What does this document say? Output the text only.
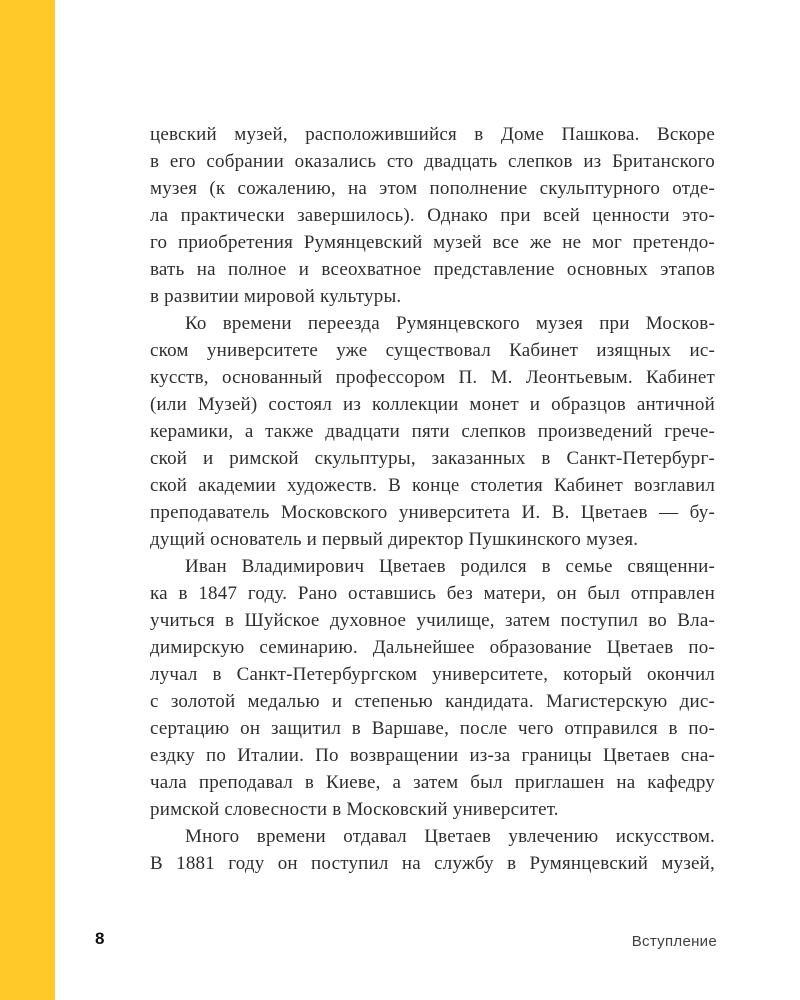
цевский музей, расположившийся в Доме Пашкова. Вскоре
в его собрании оказались сто двадцать слепков из Британского
музея (к сожалению, на этом пополнение скульптурного отде-
ла практически завершилось). Однако при всей ценности это-
го приобретения Румянцевский музей все же не мог претендо-
вать на полное и всеохватное представление основных этапов
в развитии мировой культуры.
Ко времени переезда Румянцевского музея при Москов-
ском университете уже существовал Кабинет изящных ис-
кусств, основанный профессором П. М. Леонтьевым. Кабинет
(или Музей) состоял из коллекции монет и образцов античной
керамики, а также двадцати пяти слепков произведений грече-
ской и римской скульптуры, заказанных в Санкт-Петербург-
ской академии художеств. В конце столетия Кабинет возглавил
преподаватель Московского университета И. В. Цветаев — бу-
дущий основатель и первый директор Пушкинского музея.
Иван Владимирович Цветаев родился в семье священни-
ка в 1847 году. Рано оставшись без матери, он был отправлен
учиться в Шуйское духовное училище, затем поступил во Вла-
димирскую семинарию. Дальнейшее образование Цветаев по-
лучал в Санкт-Петербургском университете, который окончил
с золотой медалью и степенью кандидата. Магистерскую дис-
сертацию он защитил в Варшаве, после чего отправился в по-
ездку по Италии. По возвращении из-за границы Цветаев сна-
чала преподавал в Киеве, а затем был приглашен на кафедру
римской словесности в Московский университет.
Много времени отдавал Цветаев увлечению искусством.
В 1881 году он поступил на службу в Румянцевский музей,
8	Вступление
